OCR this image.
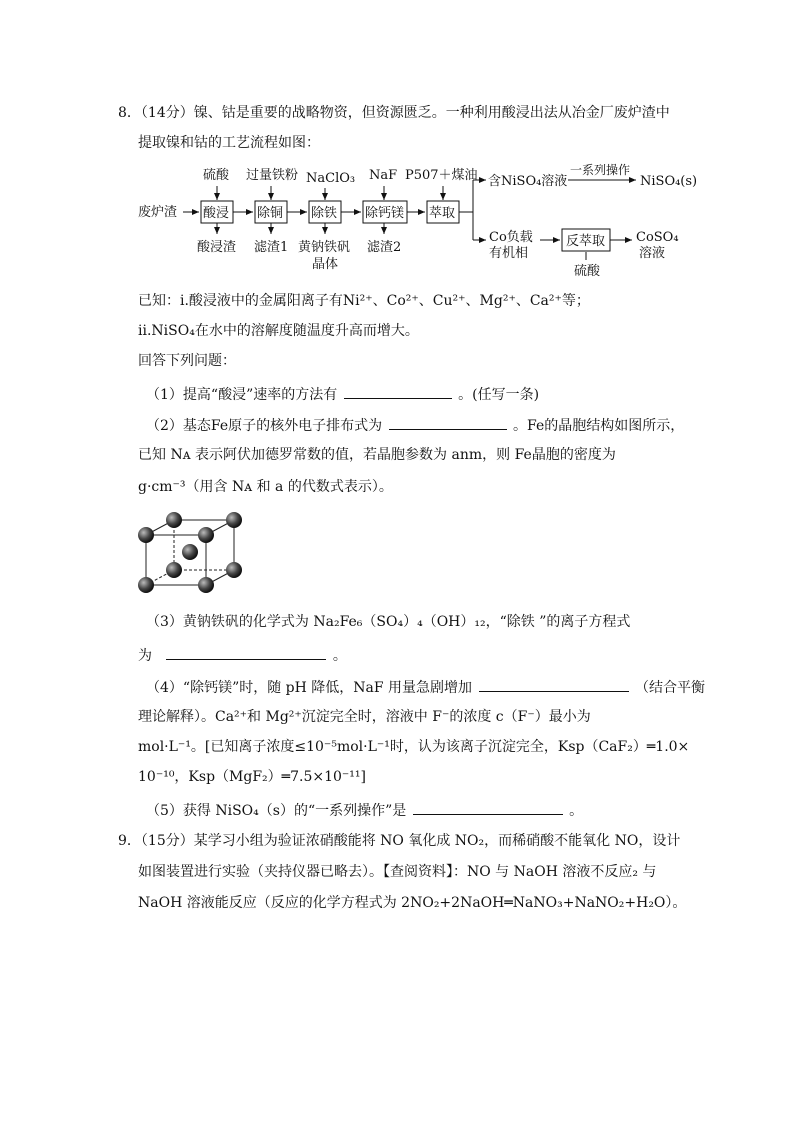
8．（14分）镍、钴是重要的战略物资，但资源匮乏。一种利用酸浸出法从冶金厂废炉渣中
提取镍和钴的工艺流程如图：
硫酸 过量铁粉 NaClO₃ NaF P507＋煤油
废炉渣 酸浸 除铜 除铁 除钙镁 萃取
含NiSO₄溶液
一系列操作
NiSO₄(s)
Co负载
有机相
反萃取 CoSO₄
溶液
硫酸
酸浸渣 滤渣1 黄钠铁矾
晶体
滤渣2
已知：i.酸浸液中的金属阳离子有Ni²⁺、Co²⁺、Cu²⁺、Mg²⁺、Ca²⁺等；
ii.NiSO₄在水中的溶解度随温度升高而增大。
回答下列问题：
（1）提高“酸浸”速率的方法有	。(任写一条)
（2）基态Fe原子的核外电子排布式为	。Fe的晶胞结构如图所示，
已知 Nᴀ 表示阿伏加德罗常数的值，若晶胞参数为 anm，则 Fe晶胞的密度为
g·cm⁻³（用含 Nᴀ 和 a 的代数式表示）。
（3）黄钠铁矾的化学式为 Na₂Fe₆（SO₄）₄（OH）₁₂，“除铁 ”的离子方程式
为	。
（4）“除钙镁”时，随 pH 降低，NaF 用量急剧增加	（结合平衡
理论解释）。Ca²⁺和 Mg²⁺沉淀完全时，溶液中 F⁻的浓度 c（F⁻）最小为
mol·L⁻¹。[已知离子浓度≤10⁻⁵mol·L⁻¹时，认为该离子沉淀完全，Ksp（CaF₂）═1.0×
10⁻¹⁰，Ksp（MgF₂）═7.5×10⁻¹¹]
（5）获得 NiSO₄（s）的“一系列操作”是	。
9．（15分）某学习小组为验证浓硝酸能将 NO 氧化成 NO₂，而稀硝酸不能氧化 NO，设计
如图装置进行实验（夹持仪器已略去）。【查阅资料】：NO 与 NaOH 溶液不反应₂ 与
NaOH 溶液能反应（反应的化学方程式为 2NO₂+2NaOH═NaNO₃+NaNO₂+H₂O）。
